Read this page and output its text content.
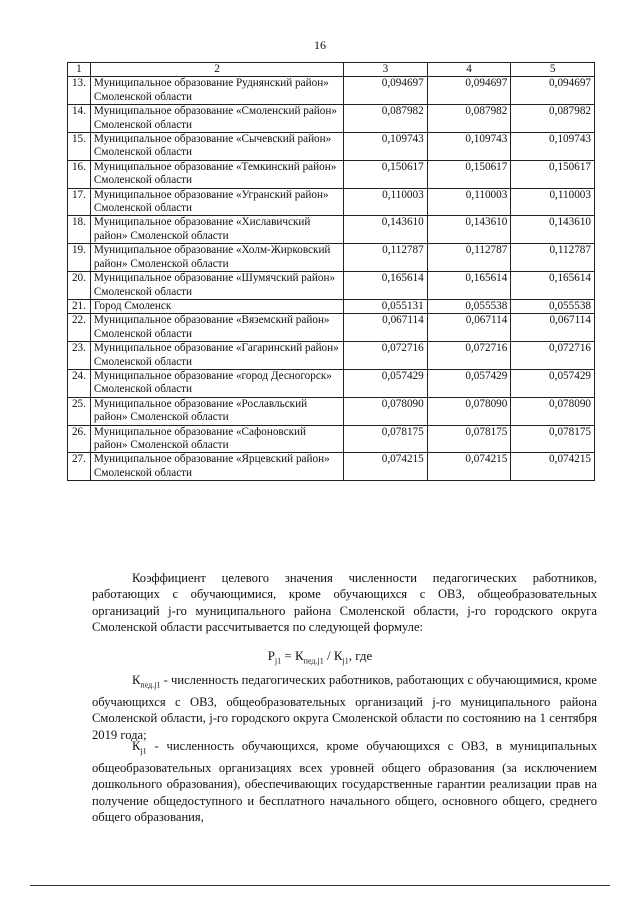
16
1	2	3	4	5
13.	Муниципальное образование Руднянский район» Смоленской области	0,094697	0,094697	0,094697
14.	Муниципальное образование «Смоленский район» Смоленской области	0,087982	0,087982	0,087982
15.	Муниципальное образование «Сычевский район» Смоленской области	0,109743	0,109743	0,109743
16.	Муниципальное образование «Темкинский район» Смоленской области	0,150617	0,150617	0,150617
17.	Муниципальное образование «Угранский район» Смоленской области	0,110003	0,110003	0,110003
18.	Муниципальное образование «Хиславичский район» Смоленской области	0,143610	0,143610	0,143610
19.	Муниципальное образование «Холм-Жирковский район» Смоленской области	0,112787	0,112787	0,112787
20.	Муниципальное образование «Шумячский район» Смоленской области	0,165614	0,165614	0,165614
21.	Город Смоленск	0,055131	0,055538	0,055538
22.	Муниципальное образование «Вяземский район» Смоленской области	0,067114	0,067114	0,067114
23.	Муниципальное образование «Гагаринский район» Смоленской области	0,072716	0,072716	0,072716
24.	Муниципальное образование «город Десногорск» Смоленской области	0,057429	0,057429	0,057429
25.	Муниципальное образование «Рославльский район» Смоленской области	0,078090	0,078090	0,078090
26.	Муниципальное образование «Сафоновский район» Смоленской области	0,078175	0,078175	0,078175
27.	Муниципальное образование «Ярцевский район» Смоленской области	0,074215	0,074215	0,074215
Коэффициент целевого значения численности педагогических работников, работающих с обучающимися, кроме обучающихся с ОВЗ, общеобразовательных организаций j-го муниципального района Смоленской области, j-го городского округа Смоленской области рассчитывается по следующей формуле:
$Р_{j1} = К_{пед.j1} / К_{j1}$, где
$К_{пед.j1}$ - численность педагогических работников, работающих с обучающимися, кроме обучающихся с ОВЗ, общеобразовательных организаций j-го муниципального района Смоленской области, j-го городского округа Смоленской области по состоянию на 1 сентября 2019 года;
$К_{j1}$ - численность обучающихся, кроме обучающихся с ОВЗ, в муниципальных общеобразовательных организациях всех уровней общего образования (за исключением дошкольного образования), обеспечивающих государственные гарантии реализации прав на получение общедоступного и бесплатного начального общего, основного общего, среднего общего образования,
